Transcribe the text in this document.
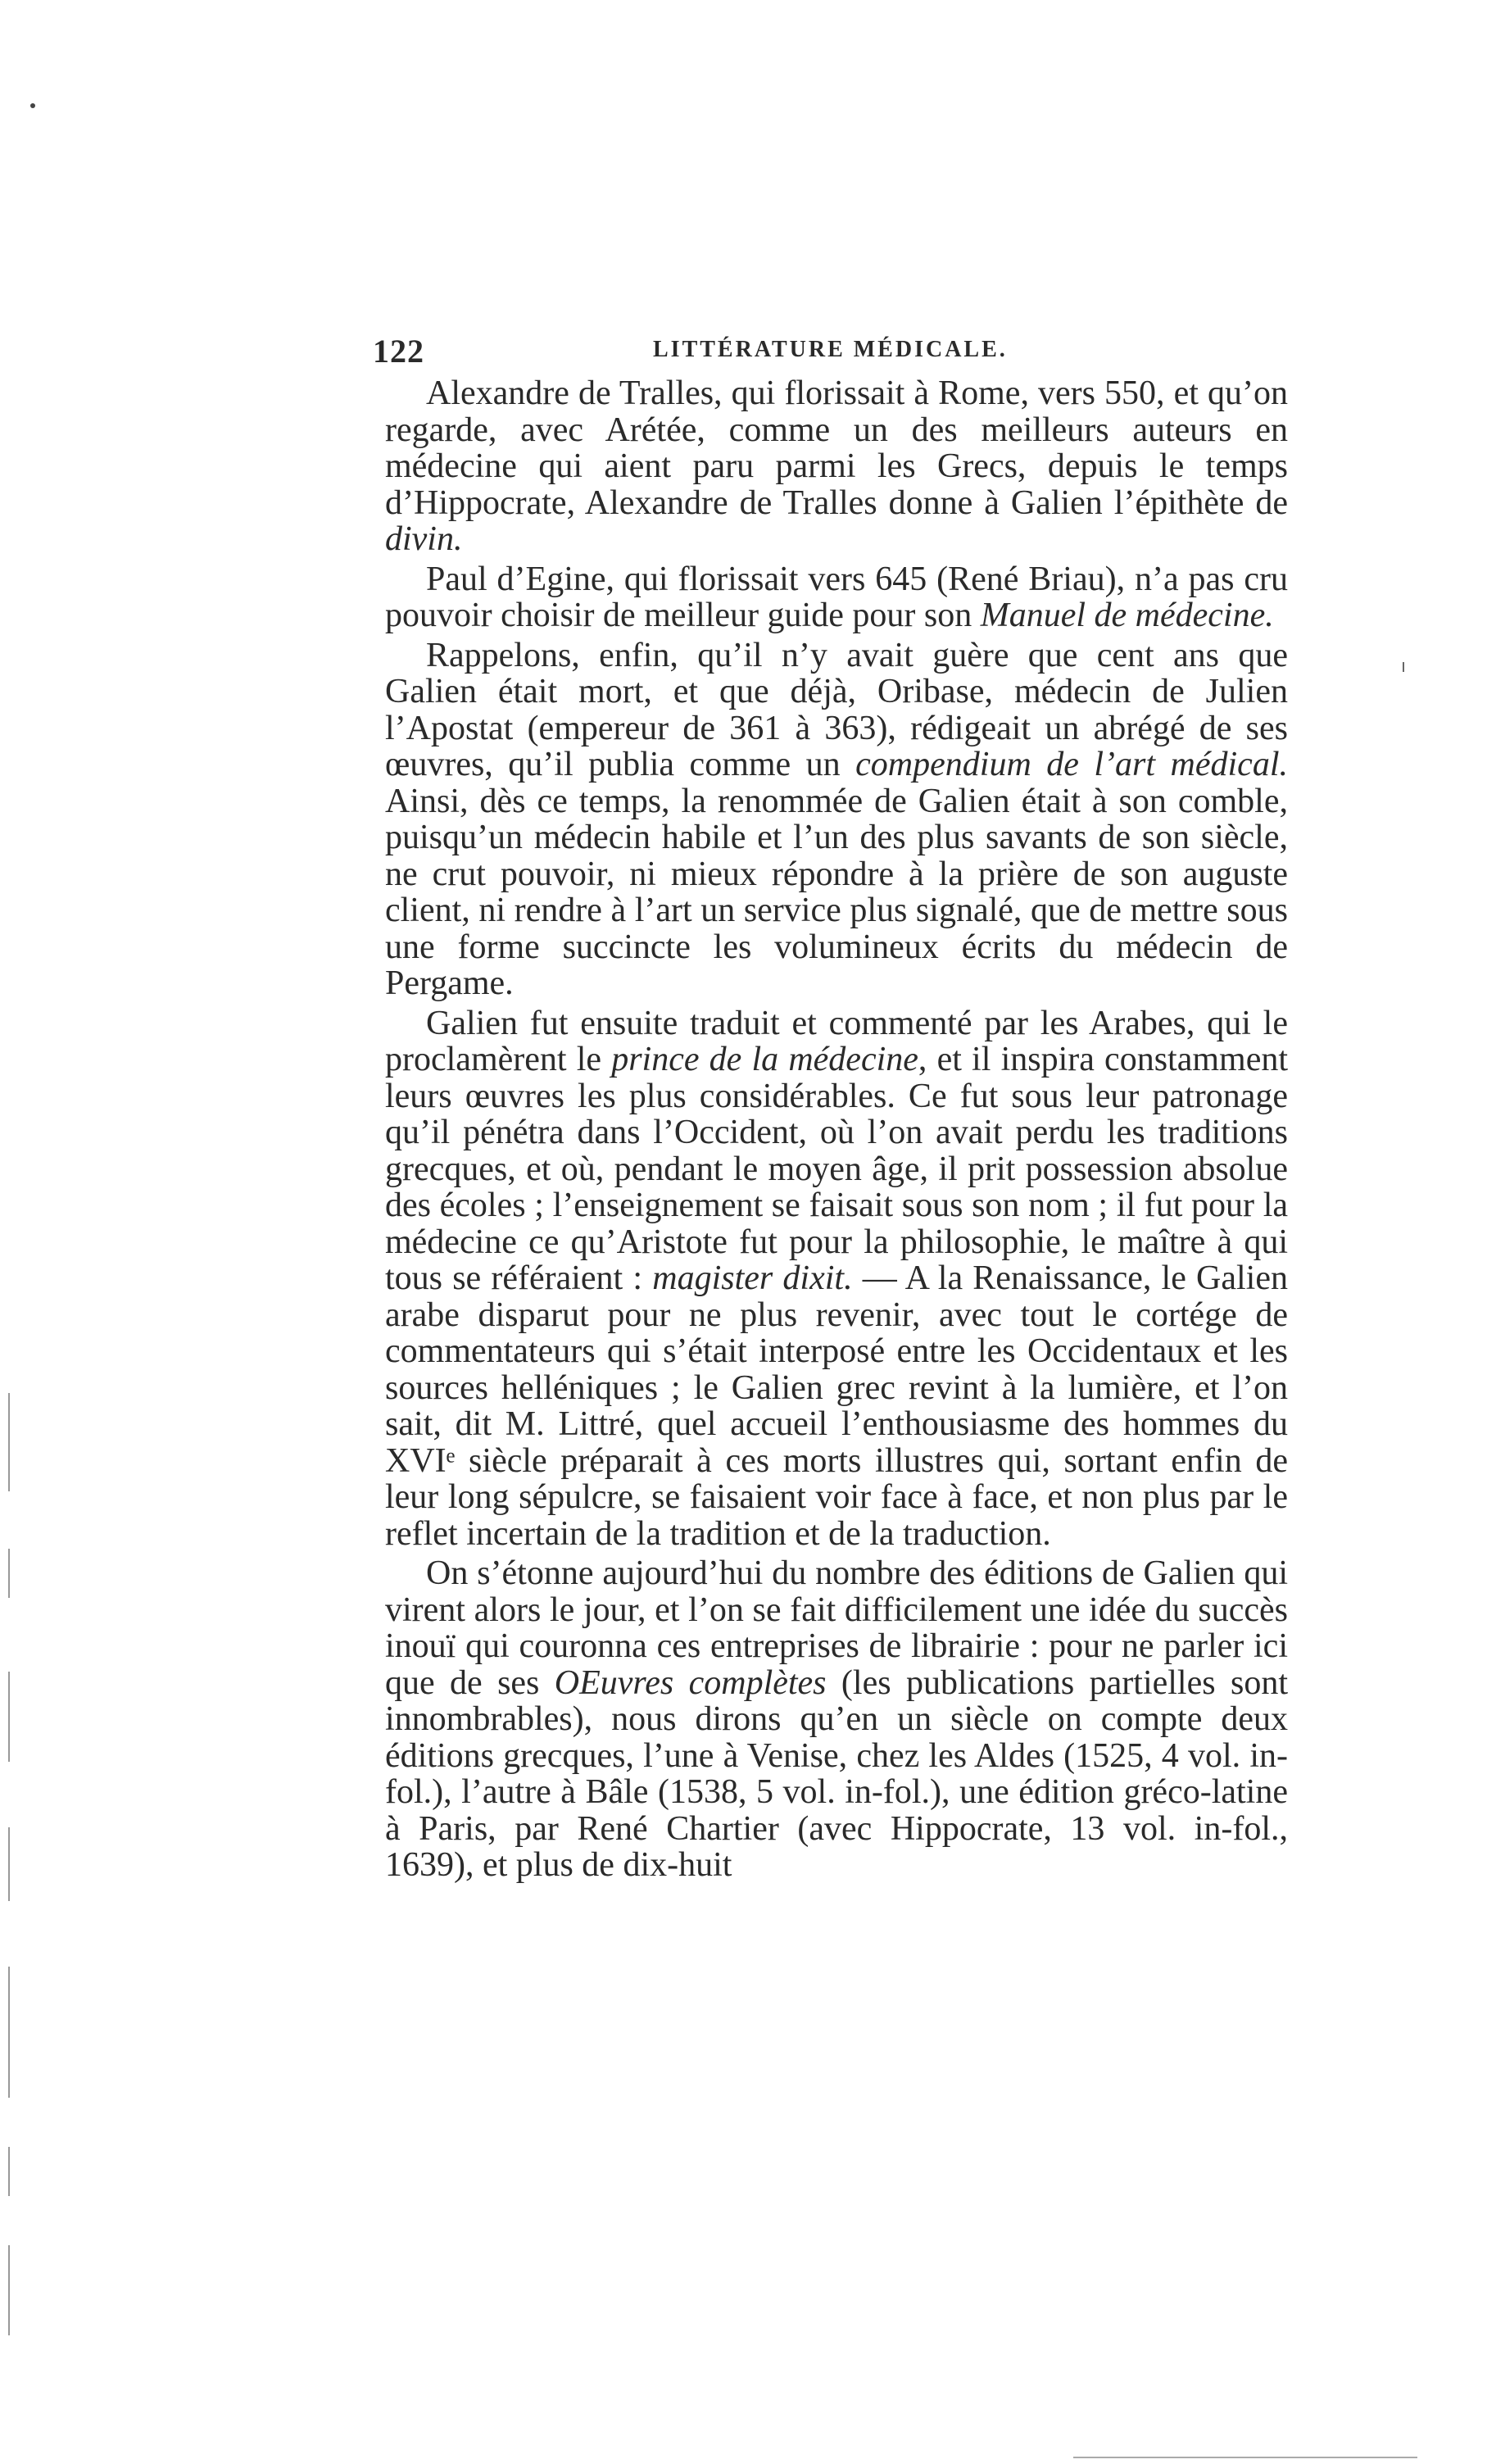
122	LITTÉRATURE MÉDICALE.

Alexandre de Tralles, qui florissait à Rome, vers 550, et qu’on regarde, avec Arétée, comme un des meilleurs auteurs en médecine qui aient paru parmi les Grecs, depuis le temps d’Hippocrate, Alexandre de Tralles donne à Galien l’épithète de divin.

Paul d’Egine, qui florissait vers 645 (René Briau), n’a pas cru pouvoir choisir de meilleur guide pour son Manuel de médecine.

Rappelons, enfin, qu’il n’y avait guère que cent ans que Galien était mort, et que déjà, Oribase, médecin de Julien l’Apostat (empereur de 361 à 363), rédigeait un abrégé de ses œuvres, qu’il publia comme un compendium de l’art médical. Ainsi, dès ce temps, la renommée de Galien était à son comble, puisqu’un médecin habile et l’un des plus savants de son siècle, ne crut pouvoir, ni mieux répondre à la prière de son auguste client, ni rendre à l’art un service plus signalé, que de mettre sous une forme succincte les volumineux écrits du médecin de Pergame.

Galien fut ensuite traduit et commenté par les Arabes, qui le proclamèrent le prince de la médecine, et il inspira constamment leurs œuvres les plus considérables. Ce fut sous leur patronage qu’il pénétra dans l’Occident, où l’on avait perdu les traditions grecques, et où, pendant le moyen âge, il prit possession absolue des écoles ; l’enseignement se faisait sous son nom ; il fut pour la médecine ce qu’Aristote fut pour la philosophie, le maître à qui tous se référaient : magister dixit. — A la Renaissance, le Galien arabe disparut pour ne plus revenir, avec tout le cortége de commentateurs qui s’était interposé entre les Occidentaux et les sources helléniques ; le Galien grec revint à la lumière, et l’on sait, dit M. Littré, quel accueil l’enthousiasme des hommes du XVIᵉ siècle préparait à ces morts illustres qui, sortant enfin de leur long sépulcre, se faisaient voir face à face, et non plus par le reflet incertain de la tradition et de la traduction.

On s’étonne aujourd’hui du nombre des éditions de Galien qui virent alors le jour, et l’on se fait difficilement une idée du succès inouï qui couronna ces entreprises de librairie : pour ne parler ici que de ses OEuvres complètes (les publications partielles sont innombrables), nous dirons qu’en un siècle on compte deux éditions grecques, l’une à Venise, chez les Aldes (1525, 4 vol. in-fol.), l’autre à Bâle (1538, 5 vol. in-fol.), une édition gréco-latine à Paris, par René Chartier (avec Hippocrate, 13 vol. in-fol., 1639), et plus de dix-huit
